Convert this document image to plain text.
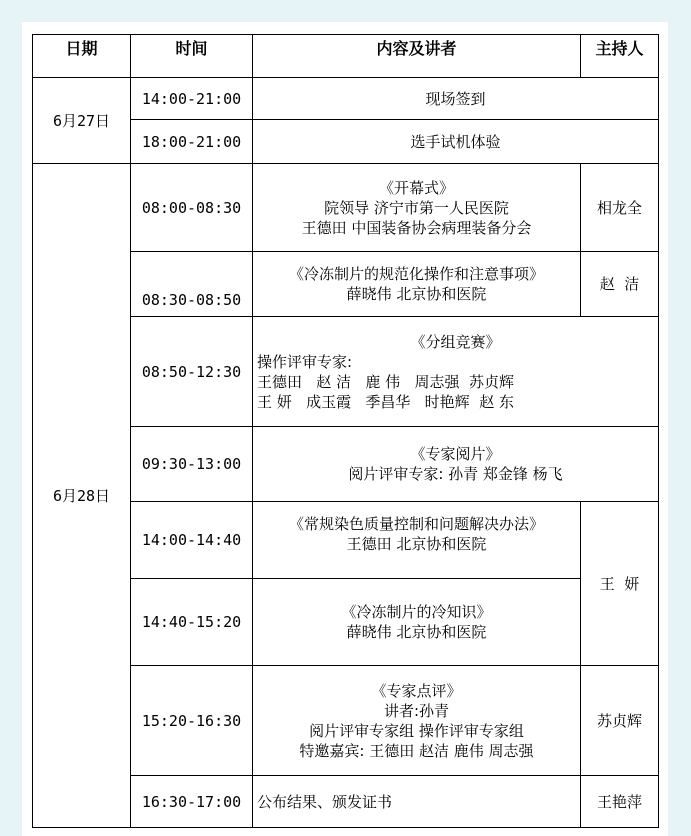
日期	时间	内容及讲者	主持人
6月27日	14:00-21:00	现场签到	

	18:00-21:00	选手试机体验	

6月28日	08:00-08:30	《开幕式》
院领导 济宁市第一人民医院
王德田 中国装备协会病理装备分会	相龙全
	08:30-08:50	《冷冻制片的规范化操作和注意事项》
薛晓伟 北京协和医院	赵  洁
	08:50-12:30	《分组竞赛》
操作评审专家:
王德田   赵 洁   鹿 伟   周志强  苏贞辉
王 妍   成玉霞   季昌华   时艳辉  赵 东	

	09:30-13:00	《专家阅片》
阅片评审专家: 孙青 郑金锋 杨飞	

	14:00-14:40	《常规染色质量控制和问题解决办法》
王德田 北京协和医院	王  妍
	14:40-15:20	《冷冻制片的冷知识》
薛晓伟 北京协和医院	

	15:20-16:30	《专家点评》
讲者:孙青
阅片评审专家组 操作评审专家组
特邀嘉宾: 王德田 赵洁 鹿伟 周志强	苏贞辉
	16:30-17:00	公布结果、颁发证书	王艳萍
